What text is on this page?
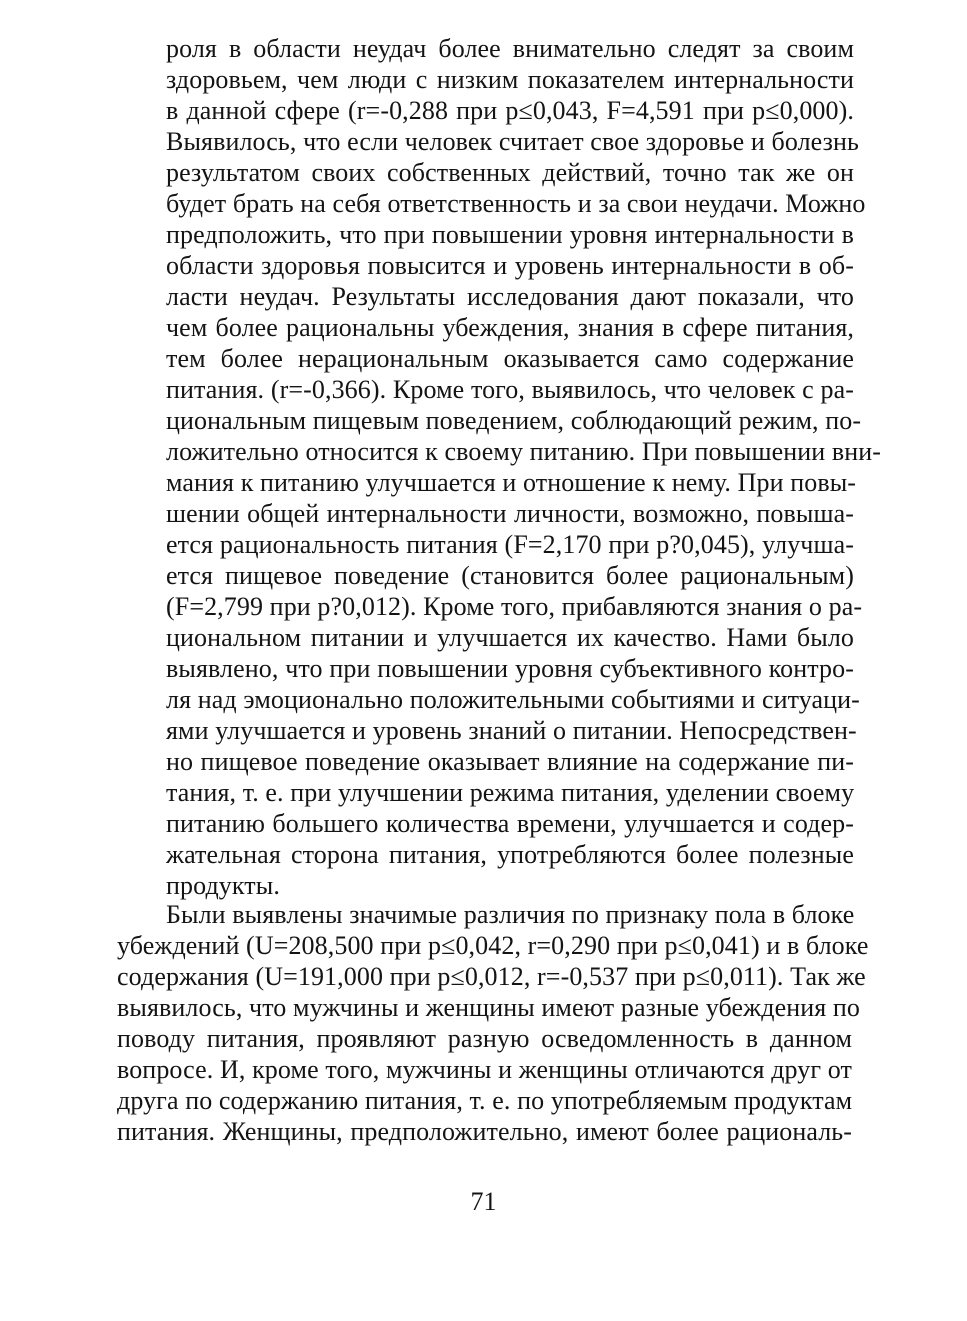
роля в области неудач более внимательно следят за своим
здоровьем, чем люди с низким показателем интернальности
в данной сфере (r=-0,288 при p≤0,043, F=4,591 при p≤0,000).
Выявилось, что если человек считает свое здоровье и болезнь
результатом своих собственных действий, точно так же он
будет брать на себя ответственность и за свои неудачи. Можно
предположить, что при повышении уровня интернальности в
области здоровья повысится и уровень интернальности в об-
ласти неудач. Результаты исследования дают показали, что
чем более рациональны убеждения, знания в сфере питания,
тем более нерациональным оказывается само содержание
питания. (r=-0,366). Кроме того, выявилось, что человек с ра-
циональным пищевым поведением, соблюдающий режим, по-
ложительно относится к своему питанию. При повышении вни-
мания к питанию улучшается и отношение к нему. При повы-
шении общей интернальности личности, возможно, повыша-
ется рациональность питания (F=2,170 при p?0,045), улучша-
ется пищевое поведение (становится более рациональным)
(F=2,799 при p?0,012). Кроме того, прибавляются знания о ра-
циональном питании и улучшается их качество. Нами было
выявлено, что при повышении уровня субъективного контро-
ля над эмоционально положительными событиями и ситуаци-
ями улучшается и уровень знаний о питании. Непосредствен-
но пищевое поведение оказывает влияние на содержание пи-
тания, т. е. при улучшении режима питания, уделении своему
питанию большего количества времени, улучшается и содер-
жательная сторона питания, употребляются более полезные
продукты.
Были выявлены значимые различия по признаку пола в блоке
убеждений (U=208,500 при p≤0,042, r=0,290 при p≤0,041) и в блоке
содержания (U=191,000 при p≤0,012, r=-0,537 при p≤0,011). Так же
выявилось, что мужчины и женщины имеют разные убеждения по
поводу питания, проявляют разную осведомленность в данном
вопросе. И, кроме того, мужчины и женщины отличаются друг от
друга по содержанию питания, т. е. по употребляемым продуктам
питания. Женщины, предположительно, имеют более рациональ-
71
